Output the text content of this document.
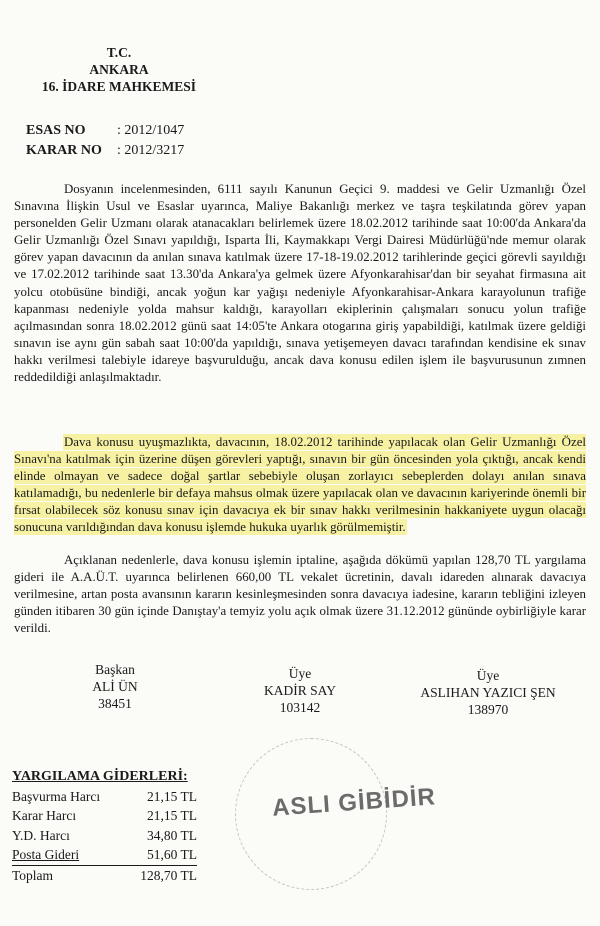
T.C.
ANKARA
16. İDARE MAHKEMESİ
ESAS NO	: 2012/1047
KARAR NO	: 2012/3217

Dosyanın incelenmesinden, 6111 sayılı Kanunun Geçici 9. maddesi ve Gelir Uzmanlığı Özel Sınavına İlişkin Usul ve Esaslar uyarınca, Maliye Bakanlığı merkez ve taşra teşkilatında görev yapan personelden Gelir Uzmanı olarak atanacakları belirlemek üzere 18.02.2012 tarihinde saat 10:00'da Ankara'da Gelir Uzmanlığı Özel Sınavı yapıldığı, Isparta İli, Kaymakkapı Vergi Dairesi Müdürlüğü'nde memur olarak görev yapan davacının da anılan sınava katılmak üzere 17-18-19.02.2012 tarihlerinde geçici görevli sayıldığı ve 17.02.2012 tarihinde saat 13.30'da Ankara'ya gelmek üzere Afyonkarahisar'dan bir seyahat firmasına ait yolcu otobüsüne bindiği, ancak yoğun kar yağışı nedeniyle Afyonkarahisar-Ankara karayolunun trafiğe kapanması nedeniyle yolda mahsur kaldığı, karayolları ekiplerinin çalışmaları sonucu yolun trafiğe açılmasından sonra 18.02.2012 günü saat 14:05'te Ankara otogarına giriş yapabildiği, katılmak üzere geldiği sınavın ise aynı gün sabah saat 10:00'da yapıldığı, sınava yetişemeyen davacı tarafından kendisine ek sınav hakkı verilmesi talebiyle idareye başvurulduğu, ancak dava konusu edilen işlem ile başvurusunun zımnen reddedildiği anlaşılmaktadır.

Dava konusu uyuşmazlıkta, davacının, 18.02.2012 tarihinde yapılacak olan Gelir Uzmanlığı Özel Sınavı'na katılmak için üzerine düşen görevleri yaptığı, sınavın bir gün öncesinden yola çıktığı, ancak kendi elinde olmayan ve sadece doğal şartlar sebebiyle oluşan zorlayıcı sebeplerden dolayı anılan sınava katılamadığı, bu nedenlerle bir defaya mahsus olmak üzere yapılacak olan ve davacının kariyerinde önemli bir fırsat olabilecek söz konusu sınav için davacıya ek bir sınav hakkı verilmesinin hakkaniyete uygun olacağı sonucuna varıldığından dava konusu işlemde hukuka uyarlık görülmemiştir.

Açıklanan nedenlerle, dava konusu işlemin iptaline, aşağıda dökümü yapılan 128,70 TL yargılama gideri ile A.A.Ü.T. uyarınca belirlenen 660,00 TL vekalet ücretinin, davalı idareden alınarak davacıya verilmesine, artan posta avansının kararın kesinleşmesinden sonra davacıya iadesine, kararın tebliğini izleyen günden itibaren 30 gün içinde Danıştay'a temyiz yolu açık olmak üzere 31.12.2012 gününde oybirliğiyle karar verildi.

Başkan
ALİ ÜN
38451
Üye
KADİR SAY
103142
Üye
ASLIHAN YAZICI ŞEN
138970
ASLI GİBİDİR
YARGILAMA GİDERLERİ:
Başvurma Harcı	21,15 TL
Karar Harcı	21,15 TL
Y.D. Harcı	34,80 TL
Posta Gideri	51,60 TL
Toplam	128,70 TL
